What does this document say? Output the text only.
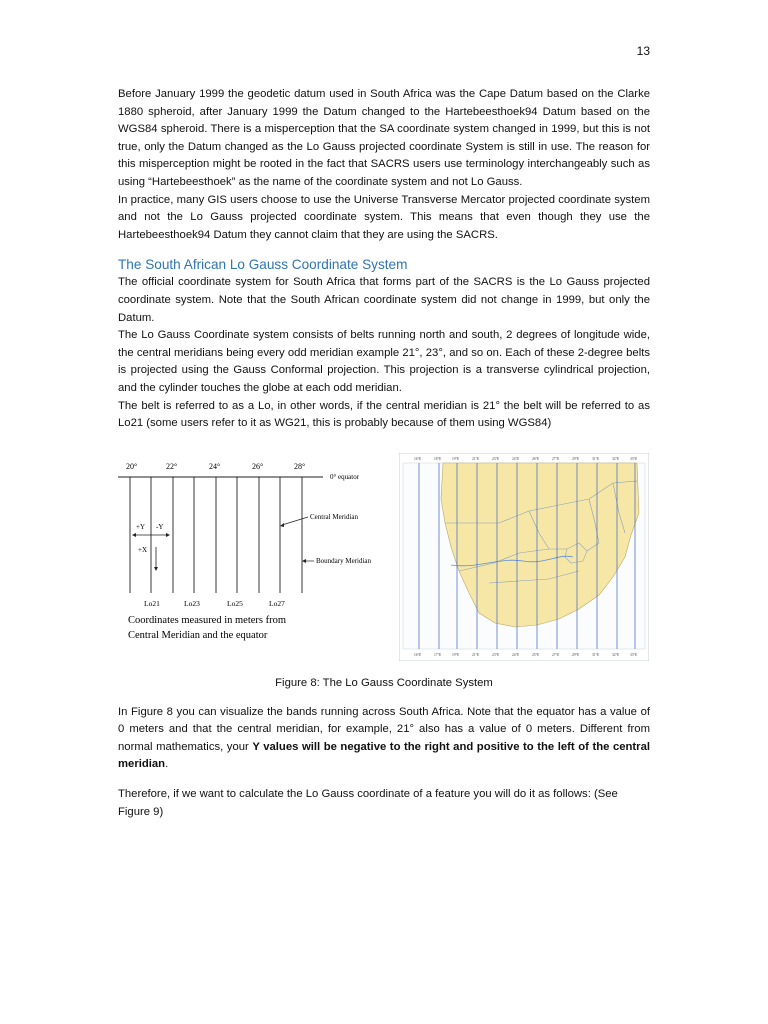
13

Before January 1999 the geodetic datum used in South Africa was the Cape Datum based on the Clarke 1880 spheroid, after January 1999 the Datum changed to the Hartebeesthoek94 Datum based on the WGS84 spheroid. There is a misperception that the SA coordinate system changed in 1999, but this is not true, only the Datum changed as the Lo Gauss projected coordinate System is still in use. The reason for this misperception might be rooted in the fact that SACRS users use terminology interchangeably such as using “Hartebeesthoek” as the name of the coordinate system and not Lo Gauss.

In practice, many GIS users choose to use the Universe Transverse Mercator projected coordinate system and not the Lo Gauss projected coordinate system. This means that even though they use the Hartebeesthoek94 Datum they cannot claim that they are using the SACRS.

The South African Lo Gauss Coordinate System

The official coordinate system for South Africa that forms part of the SACRS is the Lo Gauss projected coordinate system. Note that the South African coordinate system did not change in 1999, but only the Datum.

The Lo Gauss Coordinate system consists of belts running north and south, 2 degrees of longitude wide, the central meridians being every odd meridian example 21°, 23°, and so on. Each of these 2-degree belts is projected using the Gauss Conformal projection. This projection is a transverse cylindrical projection, and the cylinder touches the globe at each odd meridian.

The belt is referred to as a Lo, in other words, if the central meridian is 21° the belt will be referred to as Lo21 (some users refer to it as WG21, this is probably because of them using WGS84)

20°	22°	24°	26°	28°
0° equator
+Y -Y
+X
Central Meridian
Boundary Meridian
Lo21	Lo23	Lo25	Lo27
Coordinates measured in meters from
Central Meridian and the equator
16°E	18°E	19°E	21°E	23°E	24°E	26°E	27°E	29°E	31°E	32°E	33°E
16°E	17°E	19°E	21°E	23°E	24°E	25°E	27°E	29°E	31°E	32°E	33°E
Figure 8: The Lo Gauss Coordinate System

In Figure 8 you can visualize the bands running across South Africa. Note that the equator has a value of 0 meters and that the central meridian, for example, 21° also has a value of 0 meters. Different from normal mathematics, your Y values will be negative to the right and positive to the left of the central meridian.

Therefore, if we want to calculate the Lo Gauss coordinate of a feature you will do it as follows: (See Figure 9)
